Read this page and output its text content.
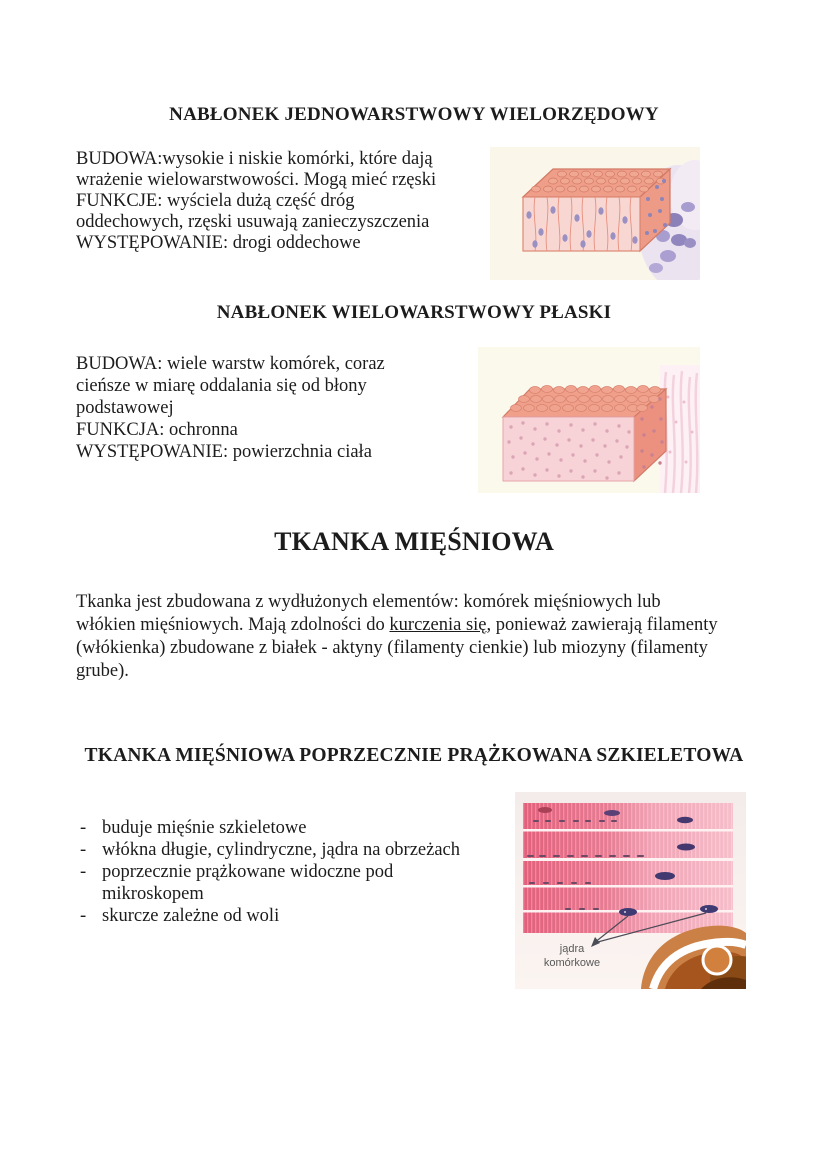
NABŁONEK JEDNOWARSTWOWY WIELORZĘDOWY
BUDOWA:wysokie i niskie komórki, które dają
wrażenie wielowarstwowości. Mogą mieć rzęski
FUNKCJE: wyściela dużą część dróg
oddechowych, rzęski usuwają zanieczyszczenia
WYSTĘPOWANIE: drogi oddechowe
NABŁONEK WIELOWARSTWOWY PŁASKI
BUDOWA: wiele warstw komórek, coraz
cieńsze w miarę oddalania się od błony
podstawowej
FUNKCJA: ochronna
WYSTĘPOWANIE: powierzchnia ciała
TKANKA MIĘŚNIOWA
Tkanka jest zbudowana z wydłużonych elementów: komórek mięśniowych lub
włókien mięśniowych. Mają zdolności do kurczenia się, ponieważ zawierają filamenty
(włókienka) zbudowane z białek - aktyny (filamenty cienkie) lub miozyny (filamenty
grube).
TKANKA MIĘŚNIOWA POPRZECZNIE PRĄŻKOWANA SZKIELETOWA
- buduje mięśnie szkieletowe
- włókna długie, cylindryczne, jądra na obrzeżach
- poprzecznie prążkowane widoczne pod
mikroskopem
- skurcze zależne od woli
jądra
komórkowe
